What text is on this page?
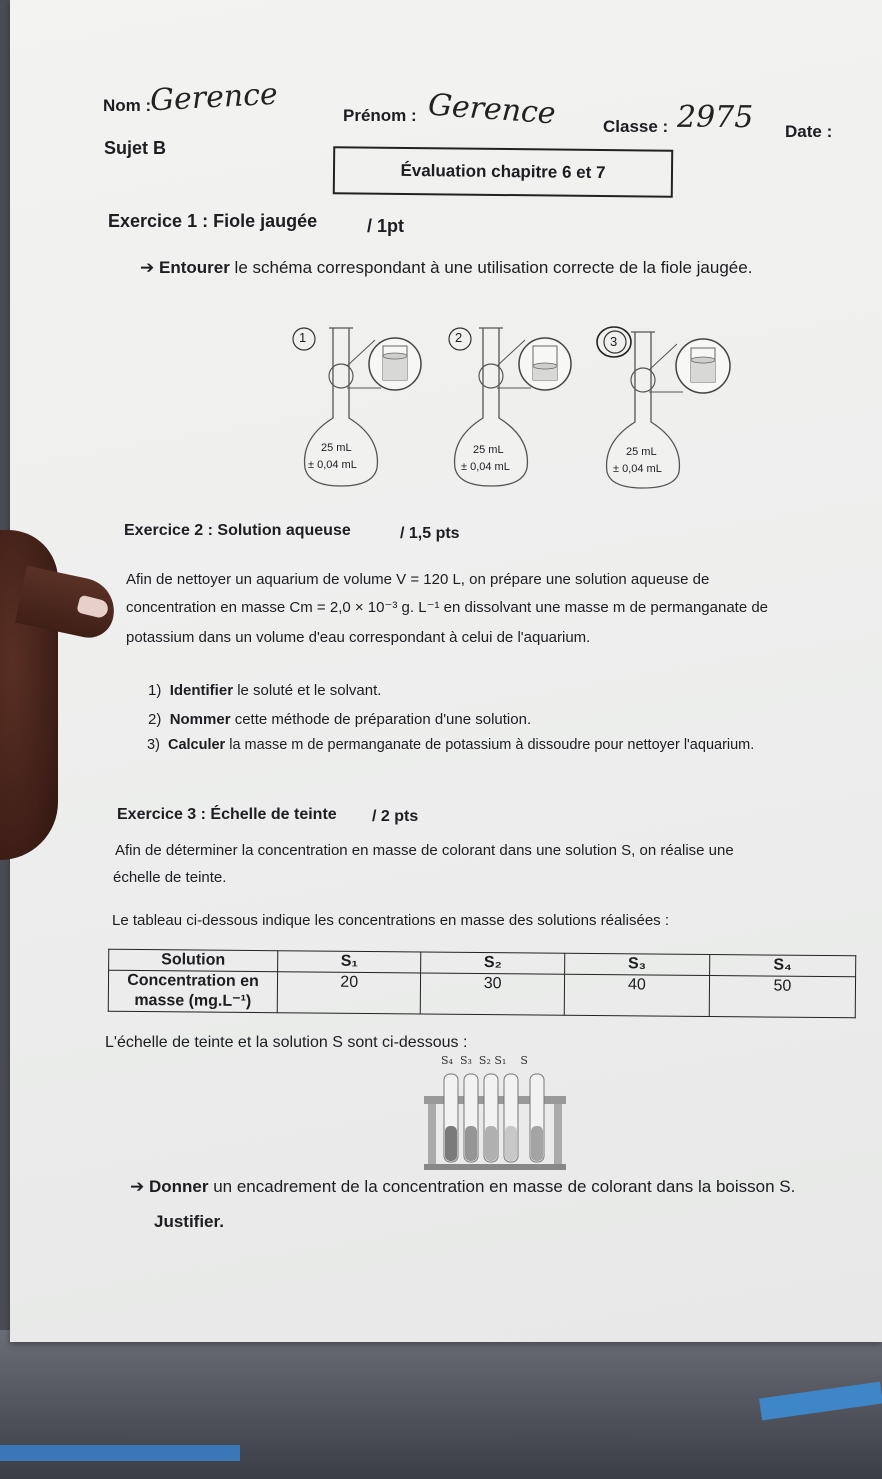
Nom :
Gerence	Prénom : Gerence	Classe : 2975 Date :
Sujet B
Évaluation chapitre 6 et 7
Exercice 1 : Fiole jaugée	/ 1pt
➔ Entourer le schéma correspondant à une utilisation correcte de la fiole jaugée.
1	2	3
25 mL
± 0,04 mL
25 mL
± 0,04 mL
25 mL
± 0,04 mL
Exercice 2 : Solution aqueuse	/ 1,5 pts
Afin de nettoyer un aquarium de volume V = 120 L, on prépare une solution aqueuse de
concentration en masse Cm = 2,0 × 10⁻³ g. L⁻¹ en dissolvant une masse m de permanganate de
potassium dans un volume d'eau correspondant à celui de l'aquarium.
1) Identifier le soluté et le solvant.
2) Nommer cette méthode de préparation d'une solution.
3) Calculer la masse m de permanganate de potassium à dissoudre pour nettoyer l'aquarium.
Exercice 3 : Échelle de teinte / 2 pts
Afin de déterminer la concentration en masse de colorant dans une solution S, on réalise une
échelle de teinte.
Le tableau ci-dessous indique les concentrations en masse des solutions réalisées :
Solution	S₁	S₂	S₃	S₄
Concentration en
masse (mg.L⁻¹)	20	30	40	50
L'échelle de teinte et la solution S sont ci-dessous :
S₄ S₃ S₂ S₁ S
➔ Donner un encadrement de la concentration en masse de colorant dans la boisson S.
Justifier.
